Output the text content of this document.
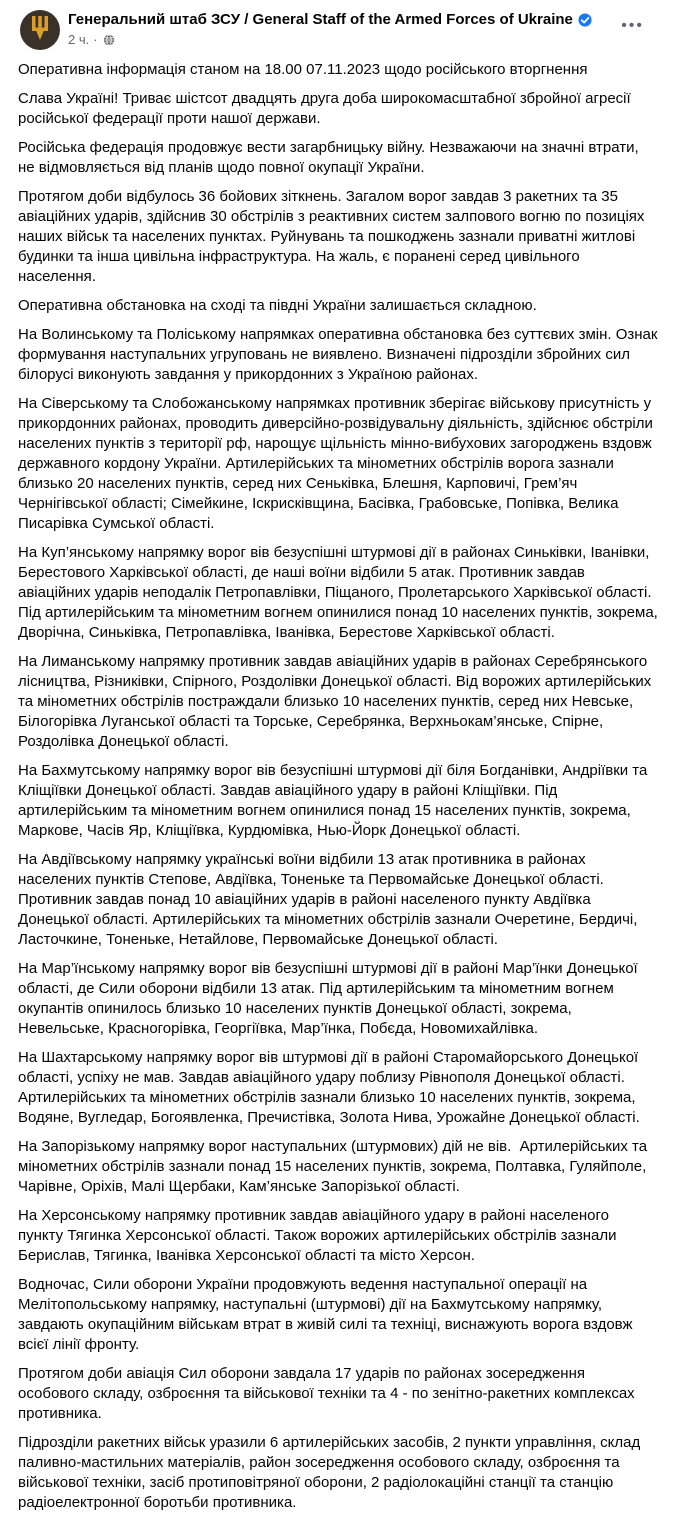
Генеральний штаб ЗСУ / General Staff of the Armed Forces of Ukraine
2 ч. ·
•••

Оперативна інформація станом на 18.00 07.11.2023 щодо російського вторгнення

Слава Україні! Триває шістсот двадцять друга доба широкомасштабної збройної агресії російської федерації проти нашої держави.

Російська федерація продовжує вести загарбницьку війну. Незважаючи на значні втрати, не відмовляється від планів щодо повної окупації України.

Протягом доби відбулось 36 бойових зіткнень. Загалом ворог завдав 3 ракетних та 35 авіаційних ударів, здійснив 30 обстрілів з реактивних систем залпового вогню по позиціях наших військ та населених пунктах. Руйнувань та пошкоджень зазнали приватні житлові будинки та інша цивільна інфраструктура. На жаль, є поранені серед цивільного населення.

Оперативна обстановка на сході та півдні України залишається складною.

На Волинському та Поліському напрямках оперативна обстановка без суттєвих змін. Ознак формування наступальних угруповань не виявлено. Визначені підрозділи збройних сил білорусі виконують завдання у прикордонних з Україною районах.

На Сіверському та Слобожанському напрямках противник зберігає військову присутність у прикордонних районах, проводить диверсійно-розвідувальну діяльність, здійснює обстріли населених пунктів з території рф, нарощує щільність мінно-вибухових загороджень вздовж державного кордону України. Артилерійських та мінометних обстрілів ворога зазнали близько 20 населених пунктів, серед них Сеньківка, Блешня, Карповичі, Грем’яч Чернігівської області; Сімейкине, Іскрисківщина, Басівка, Грабовське, Попівка, Велика Писарівка Сумської області.

На Куп’янському напрямку ворог вів безуспішні штурмові дії в районах Синьківки, Іванівки, Берестового Харківської області, де наші воїни відбили 5 атак. Противник завдав авіаційних ударів неподалік Петропавлівки, Піщаного, Пролетарського Харківської області. Під артилерійським та мінометним вогнем опинилися понад 10 населених пунктів, зокрема, Дворічна, Синьківка, Петропавлівка, Іванівка, Берестове Харківської області.

На Лиманському напрямку противник завдав авіаційних ударів в районах Серебрянського лісництва, Різниківки, Спірного, Роздолівки Донецької області. Від ворожих артилерійських та мінометних обстрілів постраждали близько 10 населених пунктів, серед них Невське, Білогорівка Луганської області та Торське, Серебрянка, Верхньокам’янське, Спірне, Роздолівка Донецької області.

На Бахмутському напрямку ворог вів безуспішні штурмові дії біля Богданівки, Андріївки та Кліщіївки Донецької області. Завдав авіаційного удару в районі Кліщіївки. Під артилерійським та мінометним вогнем опинилися понад 15 населених пунктів, зокрема, Маркове, Часів Яр, Кліщіївка, Курдюмівка, Нью-Йорк Донецької області.

На Авдіївському напрямку українські воїни відбили 13 атак противника в районах населених пунктів Степове, Авдіївка, Тоненьке та Первомайське Донецької області. Противник завдав понад 10 авіаційних ударів в районі населеного пункту Авдіївка Донецької області. Артилерійських та мінометних обстрілів зазнали Очеретине, Бердичі, Ласточкине, Тоненьке, Нетайлове, Первомайське Донецької області.

На Мар’їнському напрямку ворог вів безуспішні штурмові дії в районі Мар’їнки Донецької області, де Сили оборони відбили 13 атак. Під артилерійським та мінометним вогнем окупантів опинилось близько 10 населених пунктів Донецької області, зокрема, Невельське, Красногорівка, Георгіївка, Мар’їнка, Побєда, Новомихайлівка.

На Шахтарському напрямку ворог вів штурмові дії в районі Старомайорського Донецької області, успіху не мав. Завдав авіаційного удару поблизу Рівнополя Донецької області. Артилерійських та мінометних обстрілів зазнали близько 10 населених пунктів, зокрема, Водяне, Вугледар, Богоявленка, Пречистівка, Золота Нива, Урожайне Донецької області.

На Запорізькому напрямку ворог наступальних (штурмових) дій не вів.  Артилерійських та мінометних обстрілів зазнали понад 15 населених пунктів, зокрема, Полтавка, Гуляйполе, Чарівне, Оріхів, Малі Щербаки, Кам’янське Запорізької області.

На Херсонському напрямку противник завдав авіаційного удару в районі населеного пункту Тягинка Херсонської області. Також ворожих артилерійських обстрілів зазнали Берислав, Тягинка, Іванівка Херсонської області та місто Херсон.

Водночас, Сили оборони України продовжують ведення наступальної операції на Мелітопольському напрямку, наступальні (штурмові) дії на Бахмутському напрямку, завдають окупаційним військам втрат в живій силі та техніці, виснажують ворога вздовж всієї лінії фронту.

Протягом доби авіація Сил оборони завдала 17 ударів по районах зосередження особового складу, озброєння та військової техніки та 4 - по зенітно-ракетних комплексах противника.

Підрозділи ракетних військ уразили 6 артилерійських засобів, 2 пункти управління, склад паливно-мастильних матеріалів, район зосередження особового складу, озброєння та військової техніки, засіб протиповітряної оборони, 2 радіолокаційні станції та станцію радіоелектронної боротьби противника.
